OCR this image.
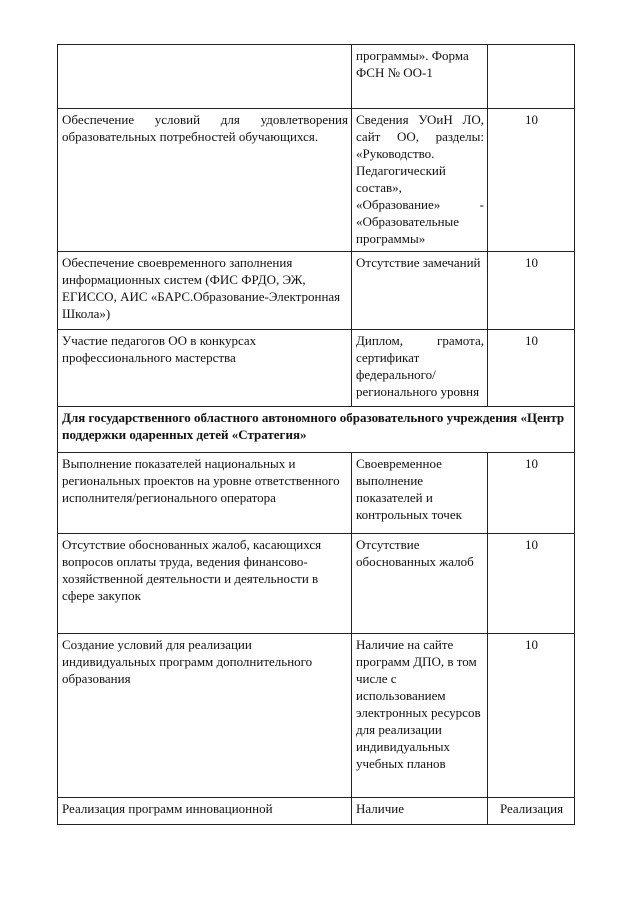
	программы». Форма ФСН № ОО-1	
Обеспечение условий для удовлетворения образовательных потребностей обучающихся.	Сведения УОиН ЛО, сайт ОО, разделы: «Руководство. Педагогический состав», «Образование» - «Образовательные программы»	10
Обеспечение своевременного заполнения информационных систем (ФИС ФРДО, ЭЖ, ЕГИССО, АИС «БАРС.Образование-Электронная Школа»)	Отсутствие замечаний	10
Участие педагогов ОО в конкурсах профессионального мастерства	Диплом, грамота, сертификат федерального/регионального уровня	10
Для государственного областного автономного образовательного учреждения «Центр поддержки одаренных детей «Стратегия»		
Выполнение показателей национальных и региональных проектов на уровне ответственного исполнителя/регионального оператора	Своевременное выполнение показателей и контрольных точек	10
Отсутствие обоснованных жалоб, касающихся вопросов оплаты труда, ведения финансово-хозяйственной деятельности и деятельности в сфере закупок	Отсутствие обоснованных жалоб	10
Создание условий для реализации индивидуальных программ дополнительного образования	Наличие на сайте программ ДПО, в том числе с использованием электронных ресурсов для реализации индивидуальных учебных планов	10
Реализация программ инновационной	Наличие	Реализация
